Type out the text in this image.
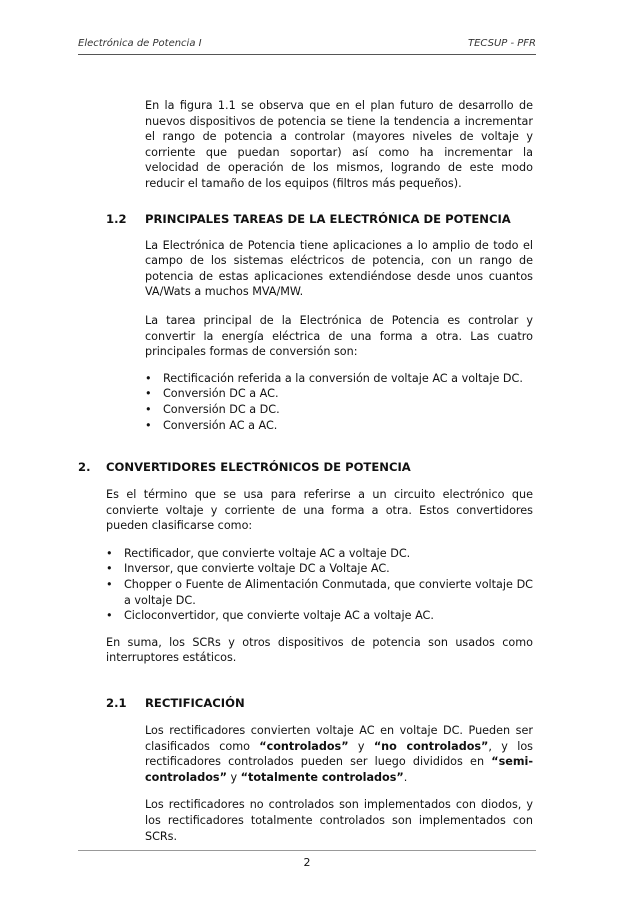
Electrónica de Potencia I	TECSUP - PFR

En la figura 1.1 se observa que en el plan futuro de desarrollo de nuevos dispositivos de potencia se tiene la tendencia a incrementar el rango de potencia a controlar (mayores niveles de voltaje y corriente que puedan soportar) así como ha incrementar la velocidad de operación de los mismos, logrando de este modo reducir el tamaño de los equipos (filtros más pequeños).

1.2 PRINCIPALES TAREAS DE LA ELECTRÓNICA DE POTENCIA

La Electrónica de Potencia tiene aplicaciones a lo amplio de todo el campo de los sistemas eléctricos de potencia, con un rango de potencia de estas aplicaciones extendiéndose desde unos cuantos VA/Wats a muchos MVA/MW.

La tarea principal de la Electrónica de Potencia es controlar y convertir la energía eléctrica de una forma a otra. Las cuatro principales formas de conversión son:

• Rectificación referida a la conversión de voltaje AC a voltaje DC.
• Conversión DC a AC.
• Conversión DC a DC.
• Conversión AC a AC.
2. CONVERTIDORES ELECTRÓNICOS DE POTENCIA

Es el término que se usa para referirse a un circuito electrónico que convierte voltaje y corriente de una forma a otra. Estos convertidores pueden clasificarse como:

• Rectificador, que convierte voltaje AC a voltaje DC.
• Inversor, que convierte voltaje DC a Voltaje AC.
• Chopper o Fuente de Alimentación Conmutada, que convierte voltaje DC a voltaje DC.
• Cicloconvertidor, que convierte voltaje AC a voltaje AC.

En suma, los SCRs y otros dispositivos de potencia son usados como interruptores estáticos.

2.1 RECTIFICACIÓN

Los rectificadores convierten voltaje AC en voltaje DC. Pueden ser clasificados como “controlados” y “no controlados”, y los rectificadores controlados pueden ser luego divididos en “semi-controlados” y “totalmente controlados”.

Los rectificadores no controlados son implementados con diodos, y los rectificadores totalmente controlados son implementados con SCRs.

2
